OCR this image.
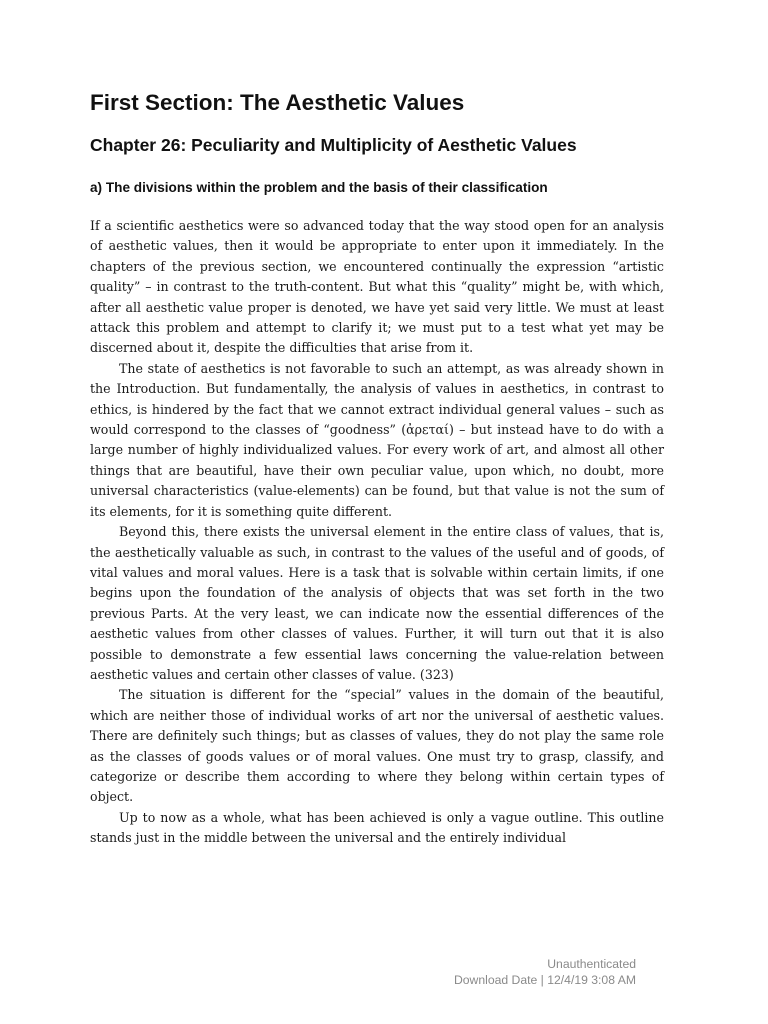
First Section: The Aesthetic Values
Chapter 26: Peculiarity and Multiplicity of Aesthetic Values
a) The divisions within the problem and the basis of their classification

If a scientific aesthetics were so advanced today that the way stood open for an analysis of aesthetic values, then it would be appropriate to enter upon it immediately. In the chapters of the previous section, we encountered continually the expression “artistic quality” – in contrast to the truth-content. But what this “quality” might be, with which, after all aesthetic value proper is denoted, we have yet said very little. We must at least attack this problem and attempt to clarify it; we must put to a test what yet may be discerned about it, despite the difficulties that arise from it.

The state of aesthetics is not favorable to such an attempt, as was already shown in the Introduction. But fundamentally, the analysis of values in aesthetics, in contrast to ethics, is hindered by the fact that we cannot extract individual general values – such as would correspond to the classes of “goodness” (ἀρεταί) – but instead have to do with a large number of highly individualized values. For every work of art, and almost all other things that are beautiful, have their own peculiar value, upon which, no doubt, more universal characteristics (value-elements) can be found, but that value is not the sum of its elements, for it is something quite different.

Beyond this, there exists the universal element in the entire class of values, that is, the aesthetically valuable as such, in contrast to the values of the useful and of goods, of vital values and moral values. Here is a task that is solvable within certain limits, if one begins upon the foundation of the analysis of objects that was set forth in the two previous Parts. At the very least, we can indicate now the essential differences of the aesthetic values from other classes of values. Further, it will turn out that it is also possible to demonstrate a few essential laws concerning the value-relation between aesthetic values and certain other classes of value. (323)

The situation is different for the “special” values in the domain of the beautiful, which are neither those of individual works of art nor the universal of aesthetic values. There are definitely such things; but as classes of values, they do not play the same role as the classes of goods values or of moral values. One must try to grasp, classify, and categorize or describe them according to where they belong within certain types of object.

Up to now as a whole, what has been achieved is only a vague outline. This outline stands just in the middle between the universal and the entirely individual

Unauthenticated
Download Date | 12/4/19 3:08 AM
